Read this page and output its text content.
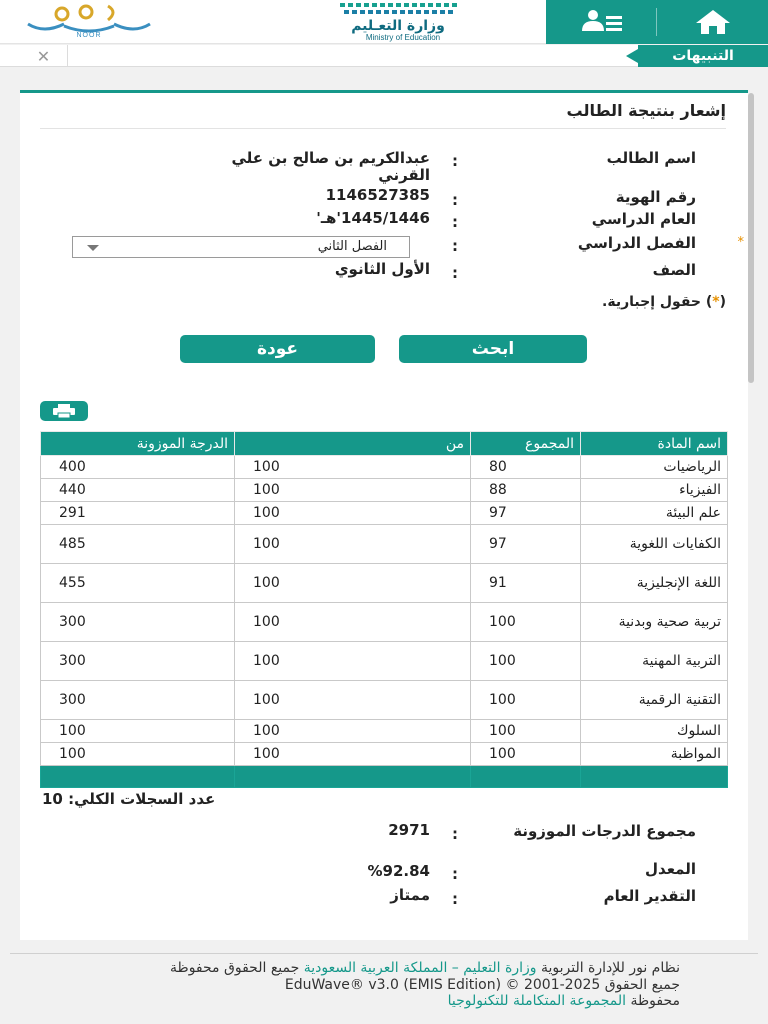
وزارة التعـليم
Ministry of Education
NOOR
التنبيهات
✕
إشعار بنتيجة الطالب
اسم الطالب
:
عبدالكريم بن صالح بن علي
القرني
رقم الهوية
:
1146527385
العام الدراسي
:
1445/1446'هـ'
*
الفصل الدراسي
:
الفصل الثاني
الصف
:
الأول الثانوي
(*) حقول إجبارية.
ابحث
عودة
اسم المادة	المجموع	من	الدرجة الموزونة
الرياضيات	80	100	400
الفيزياء	88	100	440
علم البيئة	97	100	291
الكفايات اللغوية	97	100	485
اللغة الإنجليزية	91	100	455
تربية صحية وبدنية	100	100	300
التربية المهنية	100	100	300
التقنية الرقمية	100	100	300
السلوك	100	100	100
المواظبة	100	100	100

عدد السجلات الكلي: 10
مجموع الدرجات الموزونة
:
2971
المعدل
:
%92.84
التقدير العام
:
ممتاز
نظام نور للإدارة التربوية وزارة التعليم – المملكة العربية السعودية جميع الحقوق محفوظة
جميع الحقوق EduWave® v3.0 (EMIS Edition) © 2001-2025
محفوظة المجموعة المتكاملة للتكنولوجيا
